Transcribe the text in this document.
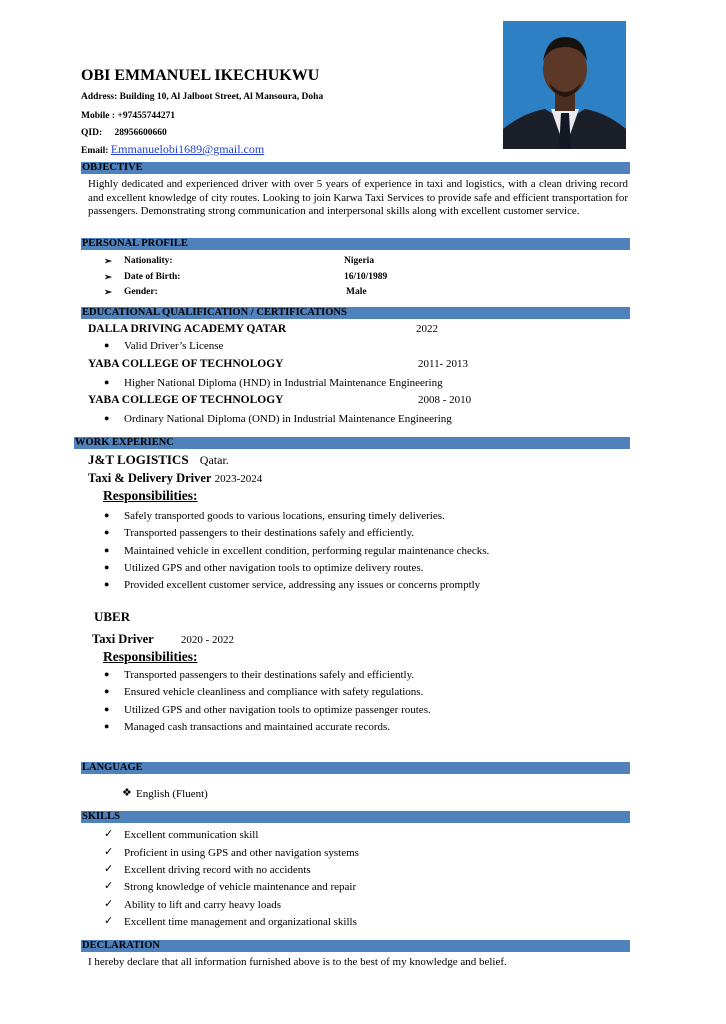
OBI EMMANUEL IKECHUKWU
Address: Building 10, Al Jalboot Street, Al Mansoura, Doha
Mobile : +97455744271
QID: 28956600660
Email: Emmanuelobi1689@gmail.com
OBJECTIVE
Highly dedicated and experienced driver with over 5 years of experience in taxi and logistics, with a clean driving record and excellent knowledge of city routes. Looking to join Karwa Taxi Services to provide safe and efficient transportation for passengers. Demonstrating strong communication and interpersonal skills along with excellent customer service.
PERSONAL PROFILE
➢ Nationality:	Nigeria
➢ Date of Birth:	16/10/1989
➢ Gender:	Male
EDUCATIONAL QUALIFICATION / CERTIFICATIONS
DALLA DRIVING ACADEMY QATAR	2022
● Valid Driver’s License
YABA COLLEGE OF TECHNOLOGY	2011- 2013
● Higher National Diploma (HND) in Industrial Maintenance Engineering
YABA COLLEGE OF TECHNOLOGY	2008 - 2010
● Ordinary National Diploma (OND) in Industrial Maintenance Engineering
WORK EXPERIENC
J&T LOGISTICS Qatar.
Taxi & Delivery Driver 2023-2024
Responsibilities:
● Safely transported goods to various locations, ensuring timely deliveries.
● Transported passengers to their destinations safely and efficiently.
● Maintained vehicle in excellent condition, performing regular maintenance checks.
● Utilized GPS and other navigation tools to optimize delivery routes.
● Provided excellent customer service, addressing any issues or concerns promptly
UBER
Taxi Driver 2020 - 2022
Responsibilities:
● Transported passengers to their destinations safely and efficiently.
● Ensured vehicle cleanliness and compliance with safety regulations.
● Utilized GPS and other navigation tools to optimize passenger routes.
● Managed cash transactions and maintained accurate records.
LANGUAGE
❖ English (Fluent)
SKILLS
✓ Excellent communication skill
✓ Proficient in using GPS and other navigation systems
✓ Excellent driving record with no accidents
✓ Strong knowledge of vehicle maintenance and repair
✓ Ability to lift and carry heavy loads
✓ Excellent time management and organizational skills
DECLARATION
I hereby declare that all information furnished above is to the best of my knowledge and belief.
